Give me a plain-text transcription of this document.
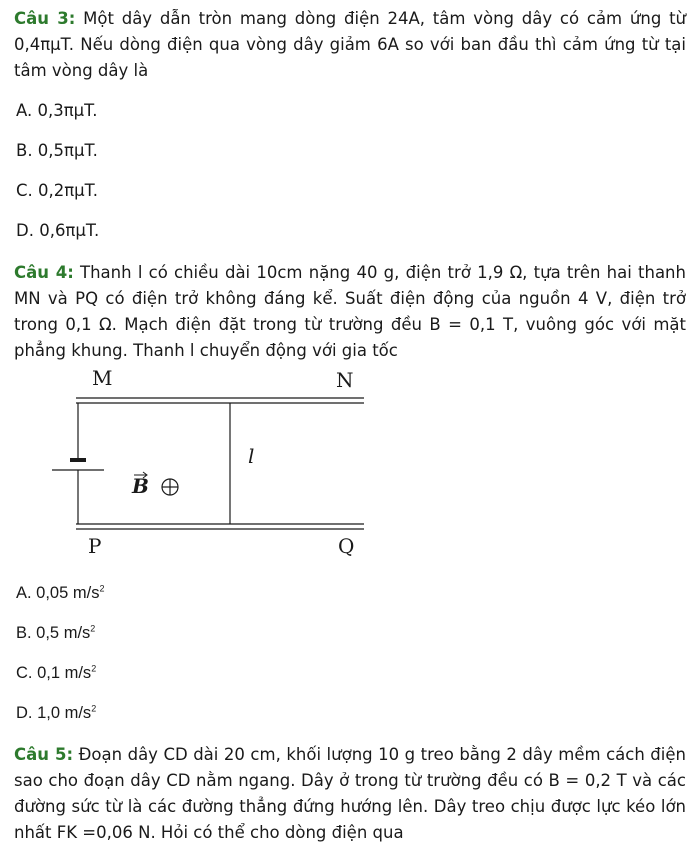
Câu 3: Một dây dẫn tròn mang dòng điện 24A, tâm vòng dây có cảm ứng từ 0,4πμT. Nếu dòng điện qua vòng dây giảm 6A so với ban đầu thì cảm ứng từ tại tâm vòng dây là

A. 0,3πμT.

B. 0,5πμT.

C. 0,2πμT.

D. 0,6πμT.

Câu 4: Thanh l có chiều dài 10cm nặng 40 g, điện trở 1,9 Ω, tựa trên hai thanh MN và PQ có điện trở không đáng kể. Suất điện động của nguồn 4 V, điện trở trong 0,1 Ω. Mạch điện đặt trong từ trường đều B = 0,1 T, vuông góc với mặt phẳng khung. Thanh l chuyển động với gia tốc

M	N
P	Q
l
B

A. 0,05 $m/s^2$

B. 0,5 $m/s^2$

C. 0,1 $m/s^2$

D. 1,0 $m/s^2$

Câu 5: Đoạn dây CD dài 20 cm, khối lượng 10 g treo bằng 2 dây mềm cách điện sao cho đoạn dây CD nằm ngang. Dây ở trong từ trường đều có B = 0,2 T và các đường sức từ là các đường thẳng đứng hướng lên. Dây treo chịu được lực kéo lớn nhất FK =0,06 N. Hỏi có thể cho dòng điện qua
